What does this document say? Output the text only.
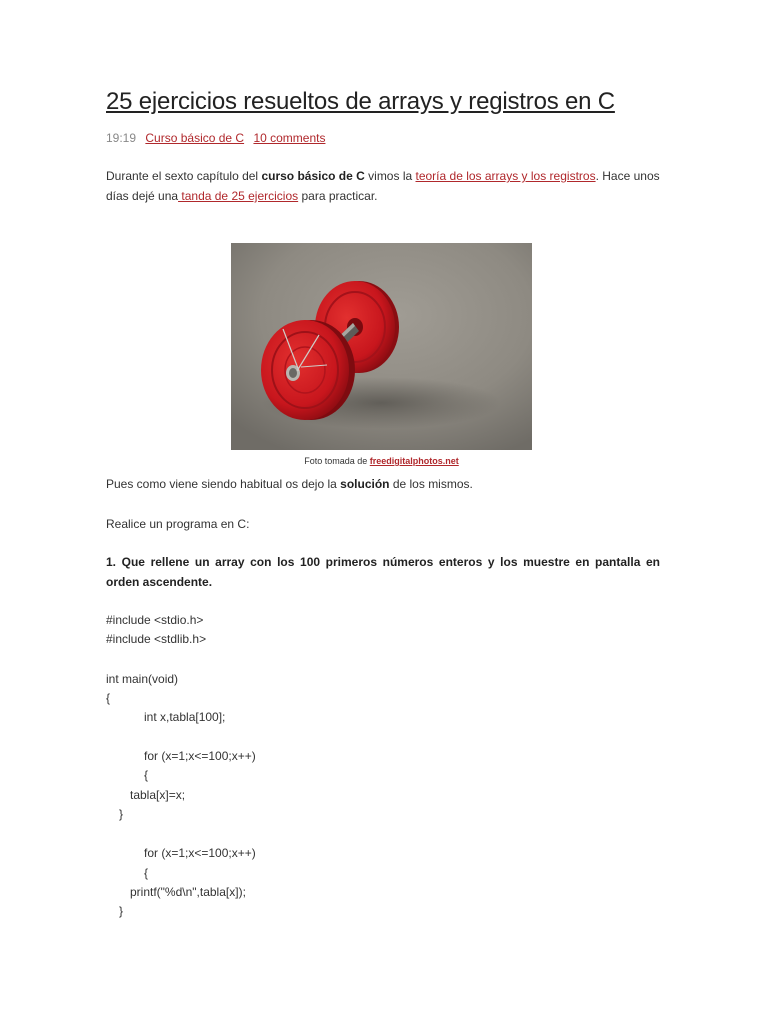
25 ejercicios resueltos de arrays y registros en C
19:19 Curso básico de C 10 comments

Durante el sexto capítulo del curso básico de C vimos la teoría de los arrays y los registros. Hace unos días dejé una tanda de 25 ejercicios para practicar.

Foto tomada de freedigitalphotos.net
Pues como viene siendo habitual os dejo la solución de los mismos.
Realice un programa en C:
1. Que rellene un array con los 100 primeros números enteros y los muestre en pantalla en orden ascendente.
#include <stdio.h>
#include <stdlib.h>
int main(void)
{
int x,tabla[100];
for (x=1;x<=100;x++)
{
tabla[x]=x;
}
for (x=1;x<=100;x++)
{
printf("%d\n",tabla[x]);
}
